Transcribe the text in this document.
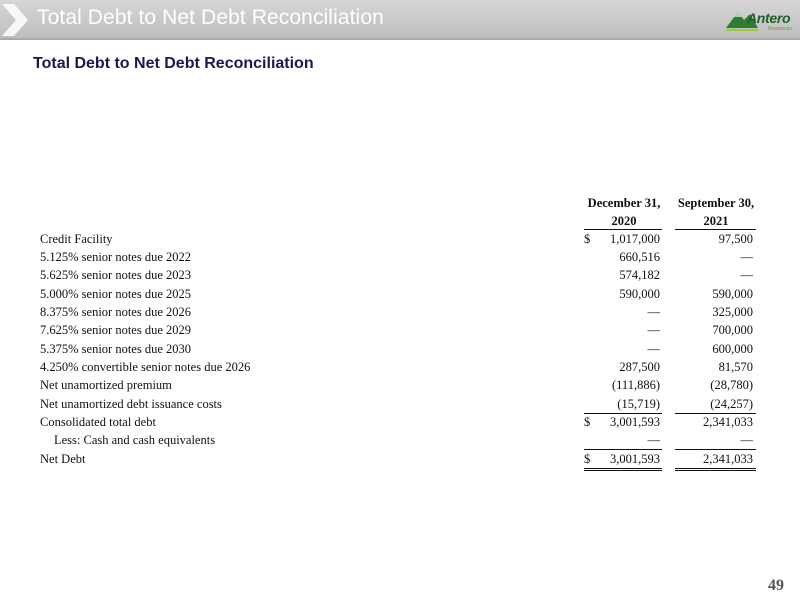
Total Debt to Net Debt Reconciliation	Antero
Resources
Total Debt to Net Debt Reconciliation
December 31,
2020
September 30,
2021
Credit Facility	$ 1,017,000	97,500
5.125% senior notes due 2022	660,516	—
5.625% senior notes due 2023	574,182	—
5.000% senior notes due 2025	590,000	590,000
8.375% senior notes due 2026	—	325,000
7.625% senior notes due 2029	—	700,000
5.375% senior notes due 2030	—	600,000
4.250% convertible senior notes due 2026	287,500	81,570
Net unamortized premium	(111,886)	(28,780)
Net unamortized debt issuance costs	(15,719)	(24,257)
Consolidated total debt	$ 3,001,593	2,341,033
Less: Cash and cash equivalents	—	—
Net Debt	$ 3,001,593	2,341,033
49
